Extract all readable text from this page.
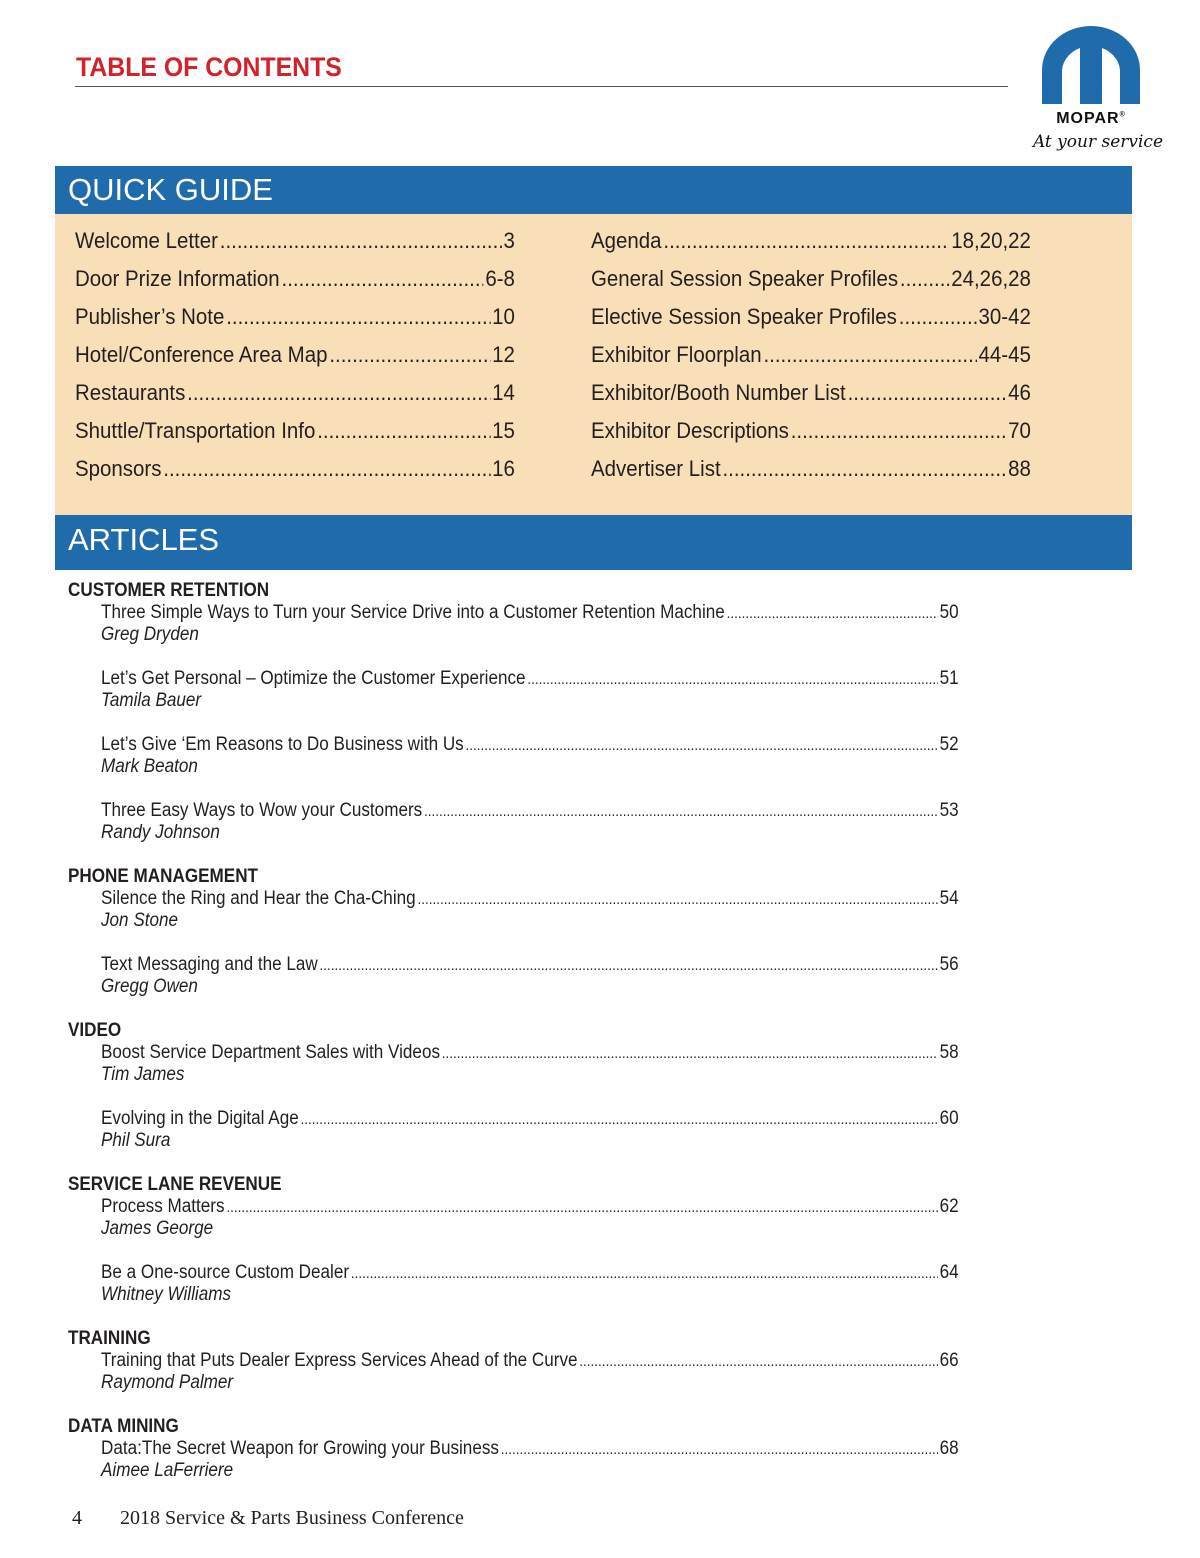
TABLE OF CONTENTS
MOPAR®
At your service
QUICK GUIDE
Welcome Letter .....	3
Door Prize Information .....	6-8
Publisher’s Note .....	10
Hotel/Conference Area Map .....	12
Restaurants .....	14
Shuttle/Transportation Info .....	15
Sponsors .....	16
Agenda .....	18,20,22
General Session Speaker Profiles ..... 24,26,28
Elective Session Speaker Profiles .....	30-42
Exhibitor Floorplan .....	44-45
Exhibitor/Booth Number List .....	46
Exhibitor Descriptions .....	70
Advertiser List .....	88
ARTICLES
CUSTOMER RETENTION
Three Simple Ways to Turn your Service Drive into a Customer Retention Machine .....	50
Greg Dryden
Let’s Get Personal – Optimize the Customer Experience .....	51
Tamila Bauer
Let’s Give ‘Em Reasons to Do Business with Us .....	52
Mark Beaton
Three Easy Ways to Wow your Customers .....	53
Randy Johnson
PHONE MANAGEMENT
Silence the Ring and Hear the Cha-Ching .....	54
Jon Stone
Text Messaging and the Law .....	56
Gregg Owen
VIDEO
Boost Service Department Sales with Videos .....	58
Tim James
Evolving in the Digital Age .....	60
Phil Sura
SERVICE LANE REVENUE
Process Matters .....	62
James George
Be a One-source Custom Dealer .....	64
Whitney Williams
TRAINING
Training that Puts Dealer Express Services Ahead of the Curve .....	66
Raymond Palmer
DATA MINING
Data:The Secret Weapon for Growing your Business .....	68
Aimee LaFerriere
4 2018 Service & Parts Business Conference
